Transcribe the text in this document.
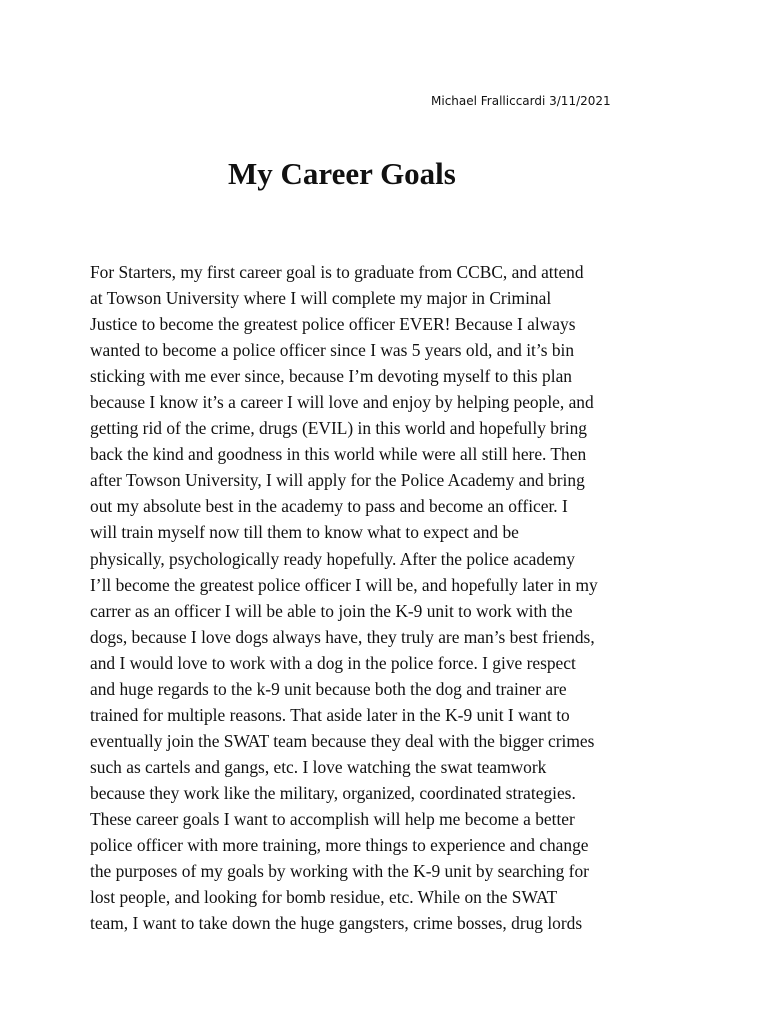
Michael Fralliccardi 3/11/2021
My Career Goals
For Starters, my first career goal is to graduate from CCBC, and attend
at Towson University where I will complete my major in Criminal
Justice to become the greatest police officer EVER! Because I always
wanted to become a police officer since I was 5 years old, and it’s bin
sticking with me ever since, because I’m devoting myself to this plan
because I know it’s a career I will love and enjoy by helping people, and
getting rid of the crime, drugs (EVIL) in this world and hopefully bring
back the kind and goodness in this world while were all still here. Then
after Towson University, I will apply for the Police Academy and bring
out my absolute best in the academy to pass and become an officer. I
will train myself now till them to know what to expect and be
physically, psychologically ready hopefully. After the police academy
I’ll become the greatest police officer I will be, and hopefully later in my
carrer as an officer I will be able to join the K-9 unit to work with the
dogs, because I love dogs always have, they truly are man’s best friends,
and I would love to work with a dog in the police force. I give respect
and huge regards to the k-9 unit because both the dog and trainer are
trained for multiple reasons. That aside later in the K-9 unit I want to
eventually join the SWAT team because they deal with the bigger crimes
such as cartels and gangs, etc. I love watching the swat teamwork
because they work like the military, organized, coordinated strategies.
These career goals I want to accomplish will help me become a better
police officer with more training, more things to experience and change
the purposes of my goals by working with the K-9 unit by searching for
lost people, and looking for bomb residue, etc. While on the SWAT
team, I want to take down the huge gangsters, crime bosses, drug lords
